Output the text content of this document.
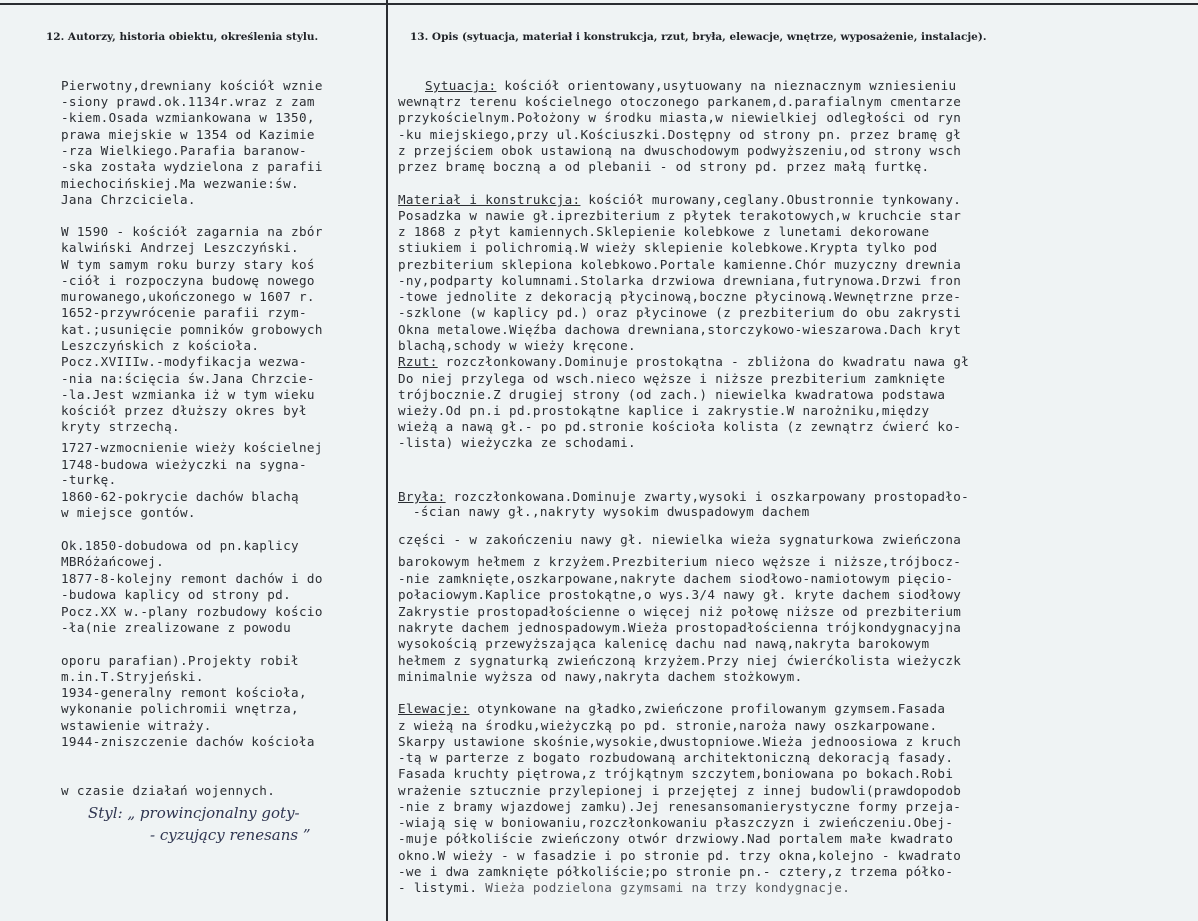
12. Autorzy, historia obiektu, określenia stylu.	13. Opis (sytuacja, materiał i konstrukcja, rzut, bryła, elewacje, wnętrze, wyposażenie, instalacje).
Pierwotny,drewniany kościół wznie
-siony prawd.ok.1134r.wraz z zam
-kiem.Osada wzmiankowana w 1350,
prawa miejskie w 1354 od Kazimie
-rza Wielkiego.Parafia baranow-
-ska została wydzielona z parafii
miechocińskiej.Ma wezwanie:św.
Jana Chrzciciela.
W 1590 - kościół zagarnia na zbór
kalwiński Andrzej Leszczyński.
W tym samym roku burzy stary koś
-ciół i rozpoczyna budowę nowego
murowanego,ukończonego w 1607 r.
1652-przywrócenie parafii rzym-
kat.;usunięcie pomników grobowych
Leszczyńskich z kościoła.
Pocz.XVIIIw.-modyfikacja wezwa-
-nia na:ścięcia św.Jana Chrzcie-
-la.Jest wzmianka iż w tym wieku
kościół przez dłuższy okres był
kryty strzechą.
1727-wzmocnienie wieży kościelnej
1748-budowa wieżyczki na sygna-
-turkę.
1860-62-pokrycie dachów blachą
w miejsce gontów.
Ok.1850-dobudowa od pn.kaplicy
MBRóżańcowej.
1877-8-kolejny remont dachów i do
-budowa kaplicy od strony pd.
Pocz.XX w.-plany rozbudowy kościo
-ła(nie zrealizowane z powodu
oporu parafian).Projekty robił
m.in.T.Stryjeński.
1934-generalny remont kościoła,
wykonanie polichromii wnętrza,
wstawienie witraży.
1944-zniszczenie dachów kościoła
w czasie działań wojennych.
Sytuacja: kościół orientowany,usytuowany na nieznacznym wzniesieniu
wewnątrz terenu kościelnego otoczonego parkanem,d.parafialnym cmentarze
przykościelnym.Położony w środku miasta,w niewielkiej odległości od ryn
-ku miejskiego,przy ul.Kościuszki.Dostępny od strony pn. przez bramę gł
z przejściem obok ustawioną na dwuschodowym podwyższeniu,od strony wsch
przez bramę boczną a od plebanii - od strony pd. przez małą furtkę.
Materiał i konstrukcja: kościół murowany,ceglany.Obustronnie tynkowany.
Posadzka w nawie gł.iprezbiterium z płytek terakotowych,w kruchcie star
z 1868 z płyt kamiennych.Sklepienie kolebkowe z lunetami dekorowane
stiukiem i polichromią.W wieży sklepienie kolebkowe.Krypta tylko pod
prezbiterium sklepiona kolebkowo.Portale kamienne.Chór muzyczny drewnia
-ny,podparty kolumnami.Stolarka drzwiowa drewniana,futrynowa.Drzwi fron
-towe jednolite z dekoracją płycinową,boczne płycinową.Wewnętrzne prze-
-szklone (w kaplicy pd.) oraz płycinowe (z prezbiterium do obu zakrysti
Okna metalowe.Więźba dachowa drewniana,storczykowo-wieszarowa.Dach kryt
blachą,schody w wieży kręcone.
Rzut: rozczłonkowany.Dominuje prostokątna - zbliżona do kwadratu nawa gł
Do niej przylega od wsch.nieco węższe i niższe prezbiterium zamknięte
trójbocznie.Z drugiej strony (od zach.) niewielka kwadratowa podstawa
wieży.Od pn.i pd.prostokątne kaplice i zakrystie.W narożniku,między
wieżą a nawą gł.- po pd.stronie kościoła kolista (z zewnątrz ćwierć ko-
-lista) wieżyczka ze schodami.
Bryła: rozczłonkowana.Dominuje zwarty,wysoki i oszkarpowany prostopadło-
-ścian nawy gł.,nakryty wysokim dwuspadowym dachem
części - w zakończeniu nawy gł. niewielka wieża sygnaturkowa zwieńczona
barokowym hełmem z krzyżem.Prezbiterium nieco węższe i niższe,trójbocz-
-nie zamknięte,oszkarpowane,nakryte dachem siodłowo-namiotowym pięcio-
połaciowym.Kaplice prostokątne,o wys.3/4 nawy gł. kryte dachem siodłowy
Zakrystie prostopadłościenne o więcej niż połowę niższe od prezbiterium
nakryte dachem jednospadowym.Wieża prostopadłościenna trójkondygnacyjna
wysokością przewyższająca kalenicę dachu nad nawą,nakryta barokowym
hełmem z sygnaturką zwieńczoną krzyżem.Przy niej ćwierćkolista wieżyczk
minimalnie wyższa od nawy,nakryta dachem stożkowym.
Elewacje: otynkowane na gładko,zwieńczone profilowanym gzymsem.Fasada
z wieżą na środku,wieżyczką po pd. stronie,naroża nawy oszkarpowane.
Skarpy ustawione skośnie,wysokie,dwustopniowe.Wieża jednoosiowa z kruch
-tą w parterze z bogato rozbudowaną architektoniczną dekoracją fasady.
Fasada kruchty piętrowa,z trójkątnym szczytem,boniowana po bokach.Robi
wrażenie sztucznie przylepionej i przejętej z innej budowli(prawdopodob
-nie z bramy wjazdowej zamku).Jej renesansomanierystyczne formy przeja-
-wiają się w boniowaniu,rozczłonkowaniu płaszczyzn i zwieńczeniu.Obej-
-muje półkoliście zwieńczony otwór drzwiowy.Nad portalem małe kwadrato
okno.W wieży - w fasadzie i po stronie pd. trzy okna,kolejno - kwadrato
-we i dwa zamknięte półkoliście;po stronie pn.- cztery,z trzema półko-
- listymi. Wieża podzielona gzymsami na trzy kondygnacje.
Styl: „ prowincjonalny goty-
- cyzujący renesans ”
